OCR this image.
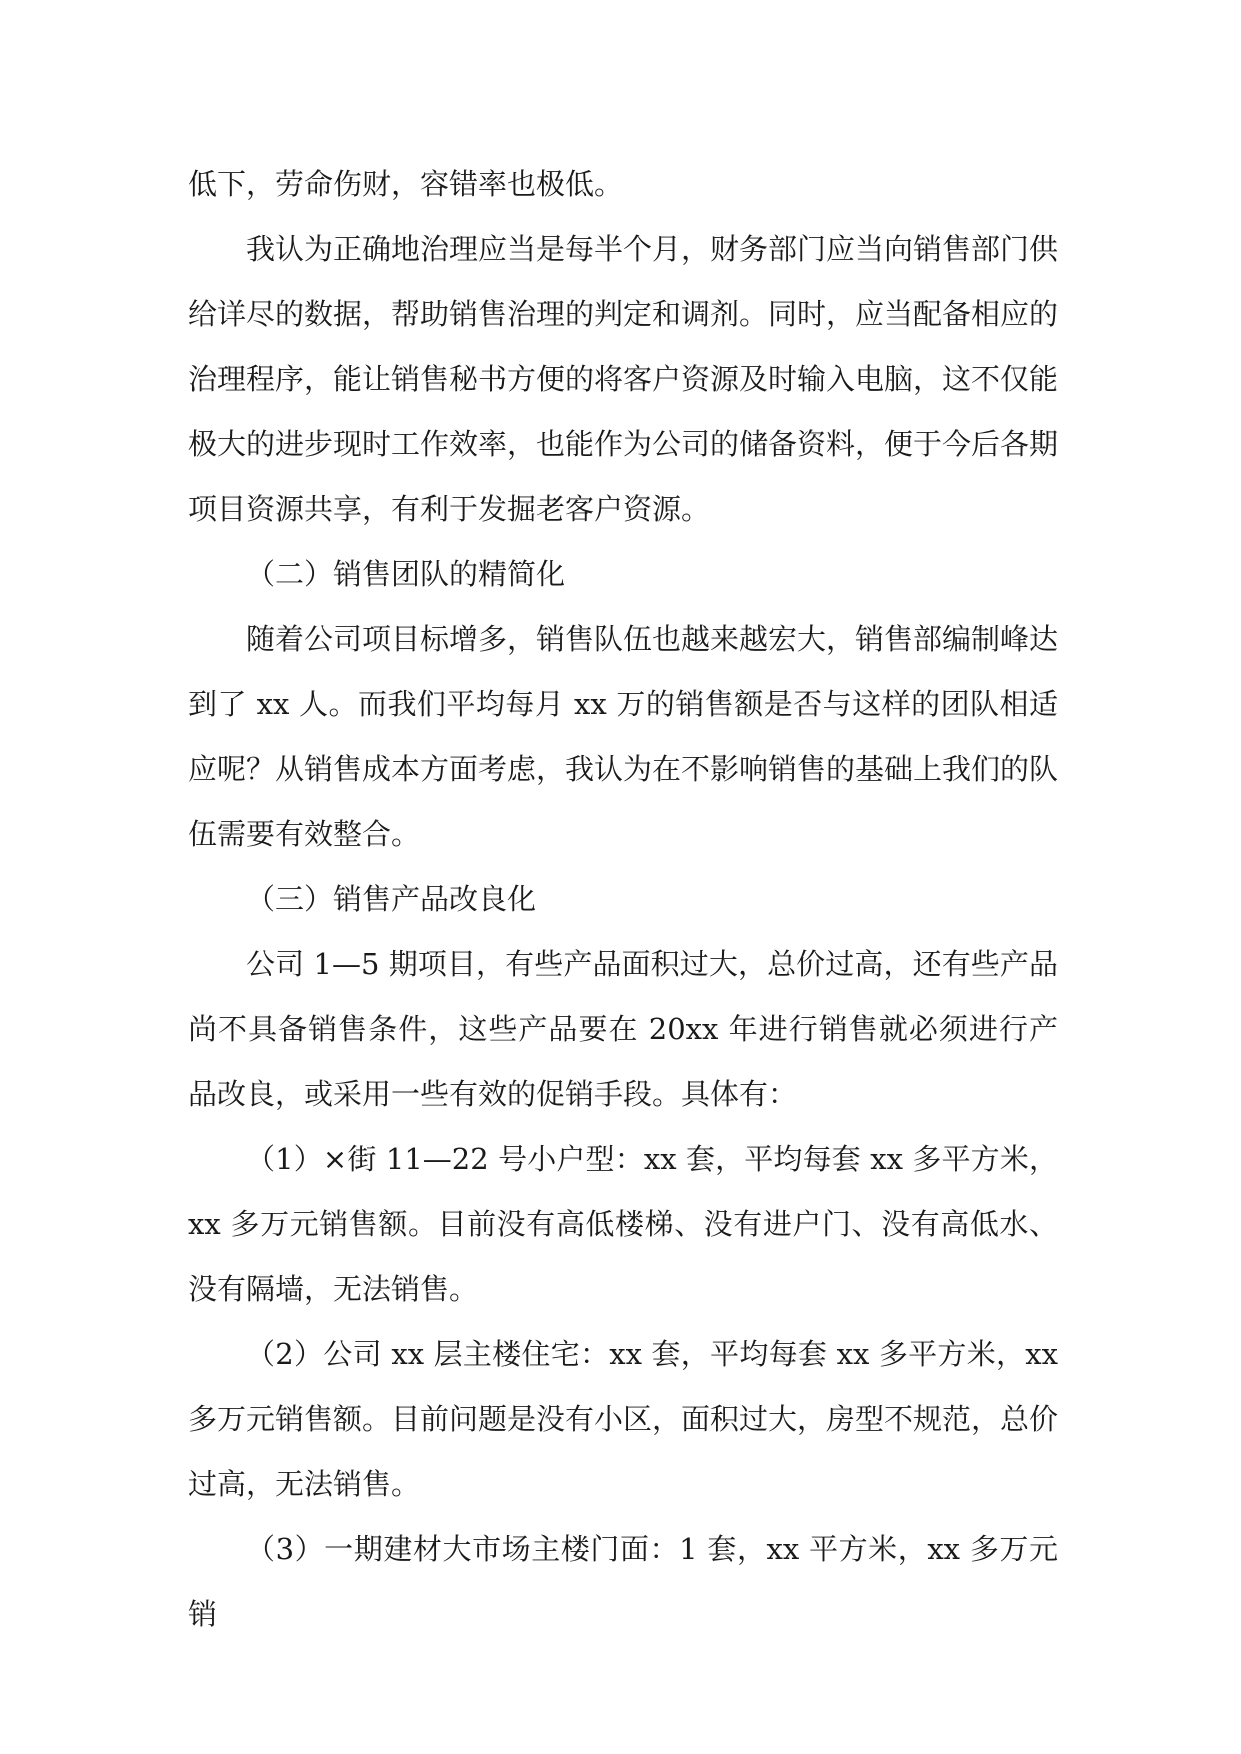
低下，劳命伤财，容错率也极低。

我认为正确地治理应当是每半个月，财务部门应当向销售部门供给详尽的数据，帮助销售治理的判定和调剂。同时，应当配备相应的治理程序，能让销售秘书方便的将客户资源及时输入电脑，这不仅能极大的进步现时工作效率，也能作为公司的储备资料，便于今后各期项目资源共享，有利于发掘老客户资源。

（二）销售团队的精简化

随着公司项目标增多，销售队伍也越来越宏大，销售部编制峰达到了 xx 人。而我们平均每月 xx 万的销售额是否与这样的团队相适应呢？从销售成本方面考虑，我认为在不影响销售的基础上我们的队伍需要有效整合。

（三）销售产品改良化

公司 1—5 期项目，有些产品面积过大，总价过高，还有些产品尚不具备销售条件，这些产品要在 20xx 年进行销售就必须进行产品改良，或采用一些有效的促销手段。具体有：

（1）×街 11—22 号小户型：xx 套，平均每套 xx 多平方米，xx 多万元销售额。目前没有高低楼梯、没有进户门、没有高低水、没有隔墙，无法销售。

（2）公司 xx 层主楼住宅：xx 套，平均每套 xx 多平方米，xx 多万元销售额。目前问题是没有小区，面积过大，房型不规范，总价过高，无法销售。

（3）一期建材大市场主楼门面：1 套，xx 平方米，xx 多万元销
